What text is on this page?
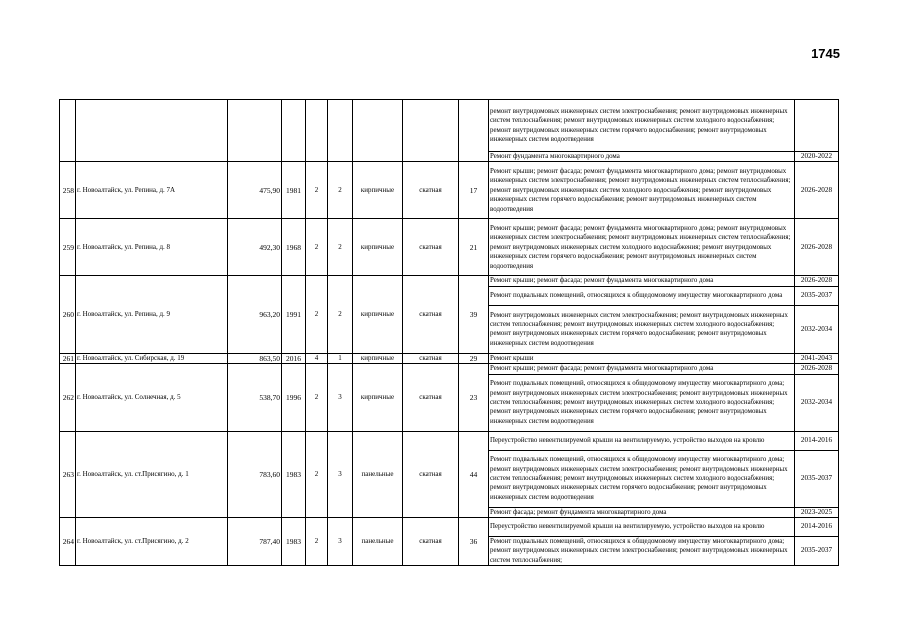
1745
									ремонт внутридомовых инженерных систем электроснабжения; ремонт внутридомовых инженерных систем теплоснабжения; ремонт внутридомовых инженерных систем холодного водоснабжения; ремонт внутридомовых инженерных систем горячего водоснабжения; ремонт внутридомовых инженерных систем водоотведения	
									Ремонт фундамента многоквартирного дома	2020-2022
258	г. Новоалтайск, ул. Репина, д. 7А	475,90	1981	2	2	кирпичные	скатная	17	Ремонт крыши; ремонт фасада; ремонт фундамента многоквартирного дома; ремонт внутридомовых инженерных систем электроснабжения; ремонт внутридомовых инженерных систем теплоснабжения; ремонт внутридомовых инженерных систем холодного водоснабжения; ремонт внутридомовых инженерных систем горячего водоснабжения; ремонт внутридомовых инженерных систем водоотведения	2026-2028
259	г. Новоалтайск, ул. Репина, д. 8	492,30	1968	2	2	кирпичные	скатная	21	Ремонт крыши; ремонт фасада; ремонт фундамента многоквартирного дома; ремонт внутридомовых инженерных систем электроснабжения; ремонт внутридомовых инженерных систем теплоснабжения; ремонт внутридомовых инженерных систем холодного водоснабжения; ремонт внутридомовых инженерных систем горячего водоснабжения; ремонт внутридомовых инженерных систем водоотведения	2026-2028
260	г. Новоалтайск, ул. Репина, д. 9	963,20	1991	2	2	кирпичные	скатная	39	Ремонт крыши; ремонт фасада; ремонт фундамента многоквартирного дома	2026-2028
									Ремонт подвальных помещений, относящихся к общедомовому имуществу многоквартирного дома	2035-2037
									Ремонт внутридомовых инженерных систем электроснабжения; ремонт внутридомовых инженерных систем теплоснабжения; ремонт внутридомовых инженерных систем холодного водоснабжения; ремонт внутридомовых инженерных систем горячего водоснабжения; ремонт внутридомовых инженерных систем водоотведения	2032-2034
261	г. Новоалтайск, ул. Сибирская, д. 19	863,50	2016	4	1	кирпичные	скатная	29	Ремонт крыши	2041-2043
262	г. Новоалтайск, ул. Солнечная, д. 5	538,70	1996	2	3	кирпичные	скатная	23	Ремонт крыши; ремонт фасада; ремонт фундамента многоквартирного дома	2026-2028
									Ремонт подвальных помещений, относящихся к общедомовому имуществу многоквартирного дома; ремонт внутридомовых инженерных систем электроснабжения; ремонт внутридомовых инженерных систем теплоснабжения; ремонт внутридомовых инженерных систем холодного водоснабжения; ремонт внутридомовых инженерных систем горячего водоснабжения; ремонт внутридомовых инженерных систем водоотведения	2032-2034
263	г. Новоалтайск, ул. ст.Присягино, д. 1	783,60	1983	2	3	панельные	скатная	44	Переустройство невентилируемой крыши на вентилируемую, устройство выходов на кровлю	2014-2016
									Ремонт подвальных помещений, относящихся к общедомовому имуществу многоквартирного дома; ремонт внутридомовых инженерных систем электроснабжения; ремонт внутридомовых инженерных систем теплоснабжения; ремонт внутридомовых инженерных систем холодного водоснабжения; ремонт внутридомовых инженерных систем горячего водоснабжения; ремонт внутридомовых инженерных систем водоотведения	2035-2037
									Ремонт фасада; ремонт фундамента многоквартирного дома	2023-2025
264	г. Новоалтайск, ул. ст.Присягино, д. 2	787,40	1983	2	3	панельные	скатная	36	Переустройство невентилируемой крыши на вентилируемую, устройство выходов на кровлю	2014-2016
									Ремонт подвальных помещений, относящихся к общедомовому имуществу многоквартирного дома; ремонт внутридомовых инженерных систем электроснабжения; ремонт внутридомовых инженерных систем теплоснабжения;	2035-2037
